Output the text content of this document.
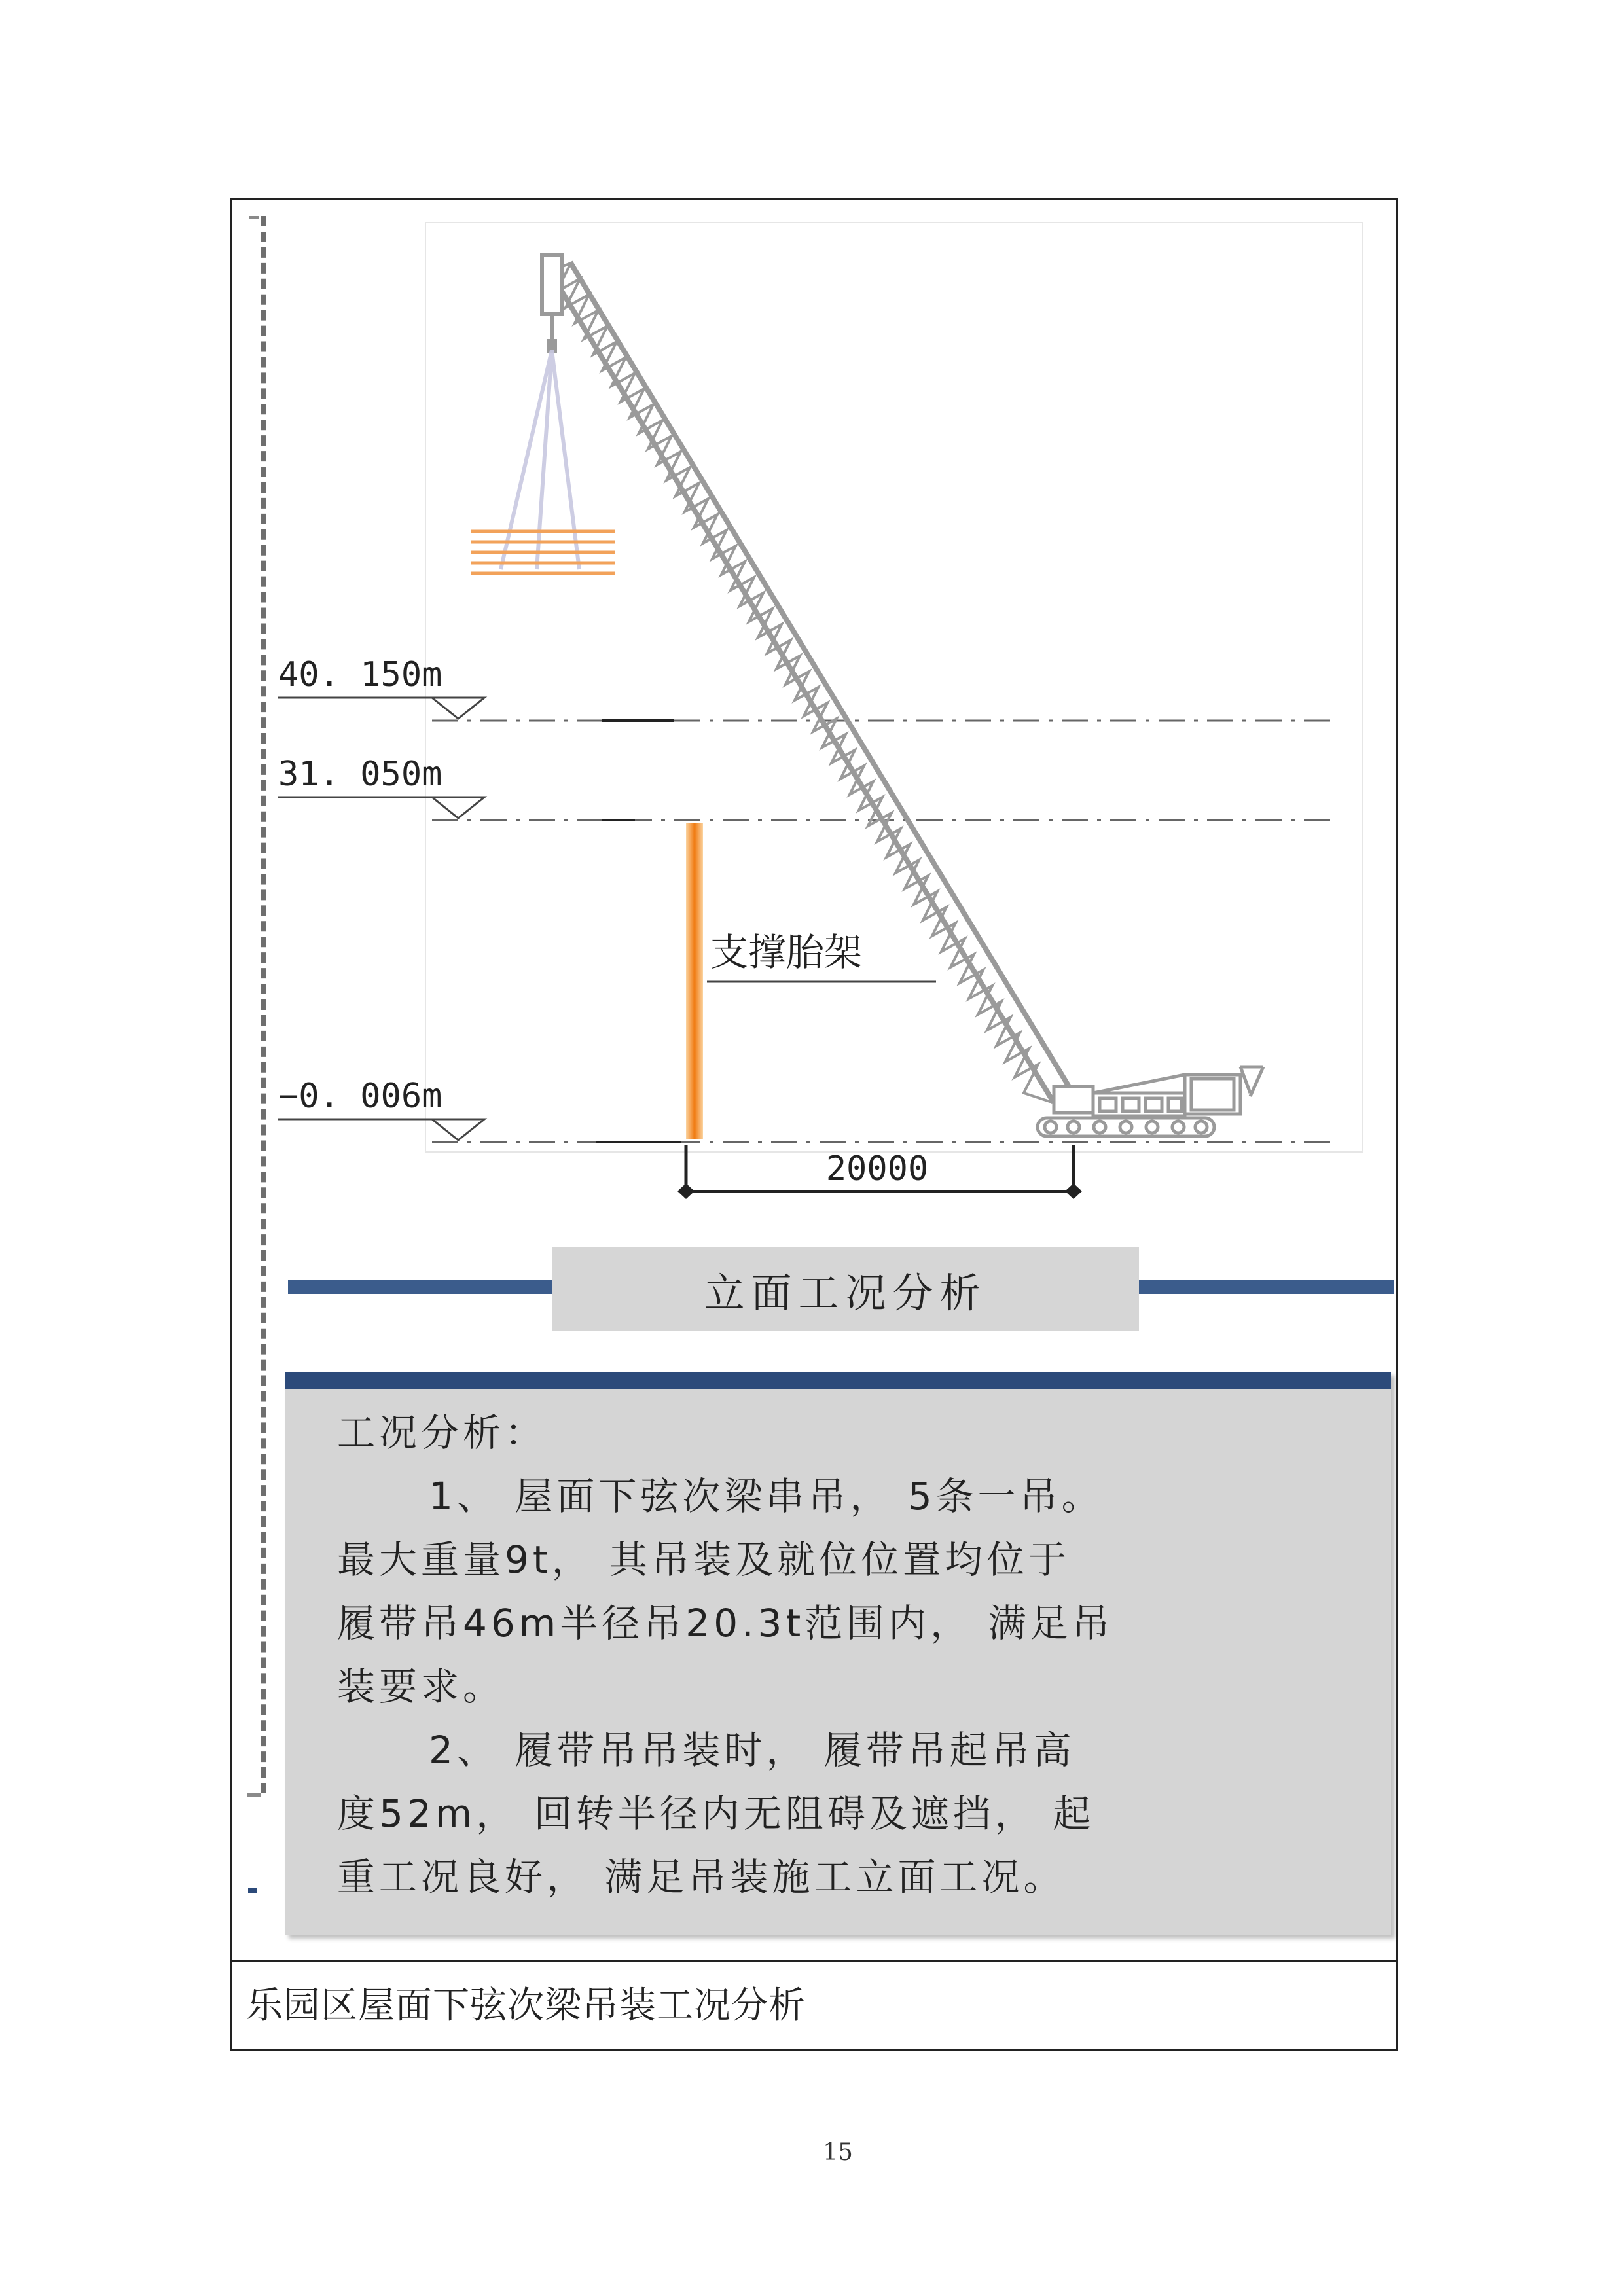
40. 150m
31. 050m
−0. 006m
支撑胎架
20000
立面工况分析
工况分析：
1、 屋面下弦次梁串吊， 5条一吊。
最大重量9t， 其吊装及就位位置均位于
履带吊46m半径吊20.3t范围内， 满足吊
装要求。
2、 履带吊吊装时， 履带吊起吊高
度52m， 回转半径内无阻碍及遮挡， 起
重工况良好， 满足吊装施工立面工况。
乐园区屋面下弦次梁吊装工况分析
15
